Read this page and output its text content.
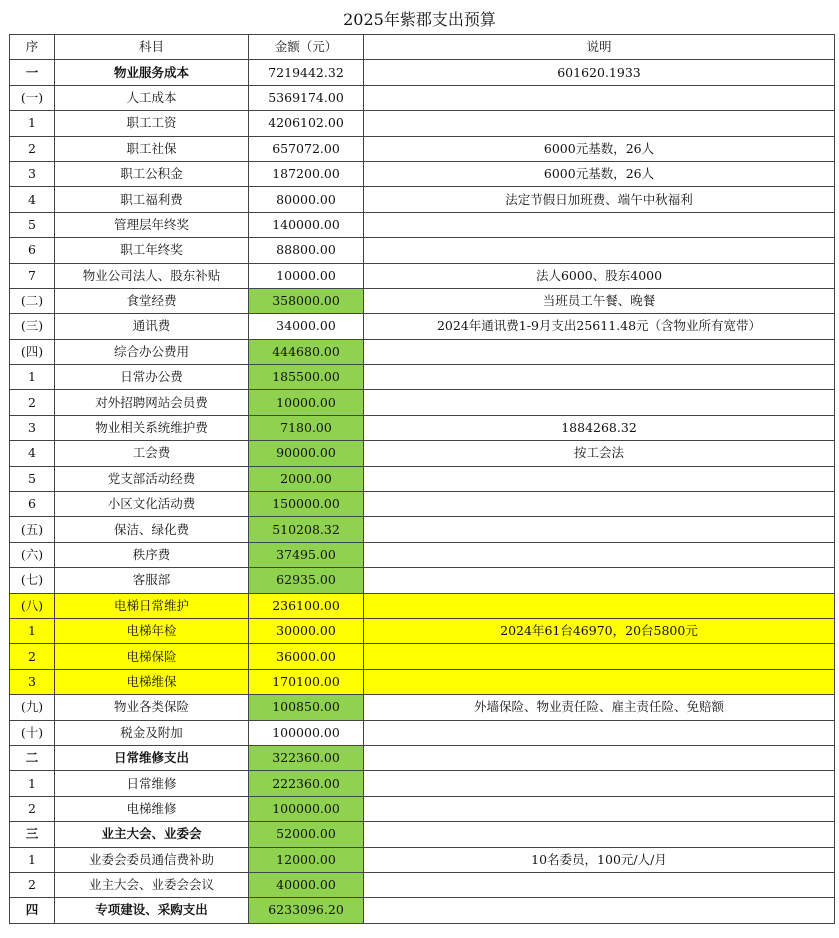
2025年紫郡支出预算
序	科目	金额（元）	说明
一	物业服务成本	7219442.32	601620.1933
(一)	人工成本	5369174.00	
1	职工工资	4206102.00	
2	职工社保	657072.00	6000元基数，26人
3	职工公积金	187200.00	6000元基数，26人
4	职工福利费	80000.00	法定节假日加班费、端午中秋福利
5	管理层年终奖	140000.00	
6	职工年终奖	88800.00	
7	物业公司法人、股东补贴	10000.00	法人6000、股东4000
(二)	食堂经费	358000.00	当班员工午餐、晚餐
(三)	通讯费	34000.00	2024年通讯费1-9月支出25611.48元（含物业所有宽带）
(四)	综合办公费用	444680.00	
1	日常办公费	185500.00	
2	对外招聘网站会员费	10000.00	
3	物业相关系统维护费	7180.00	1884268.32
4	工会费	90000.00	按工会法
5	党支部活动经费	2000.00	
6	小区文化活动费	150000.00	
(五)	保洁、绿化费	510208.32	
(六)	秩序费	37495.00	
(七)	客服部	62935.00	
(八)	电梯日常维护	236100.00	
1	电梯年检	30000.00	2024年61台46970，20台5800元
2	电梯保险	36000.00	
3	电梯维保	170100.00	
(九)	物业各类保险	100850.00	外墙保险、物业责任险、雇主责任险、免赔额
(十)	税金及附加	100000.00	
二	日常维修支出	322360.00	
1	日常维修	222360.00	
2	电梯维修	100000.00	
三	业主大会、业委会	52000.00	
1	业委会委员通信费补助	12000.00	10名委员，100元/人/月
2	业主大会、业委会会议	40000.00	
四	专项建设、采购支出	6233096.20	
